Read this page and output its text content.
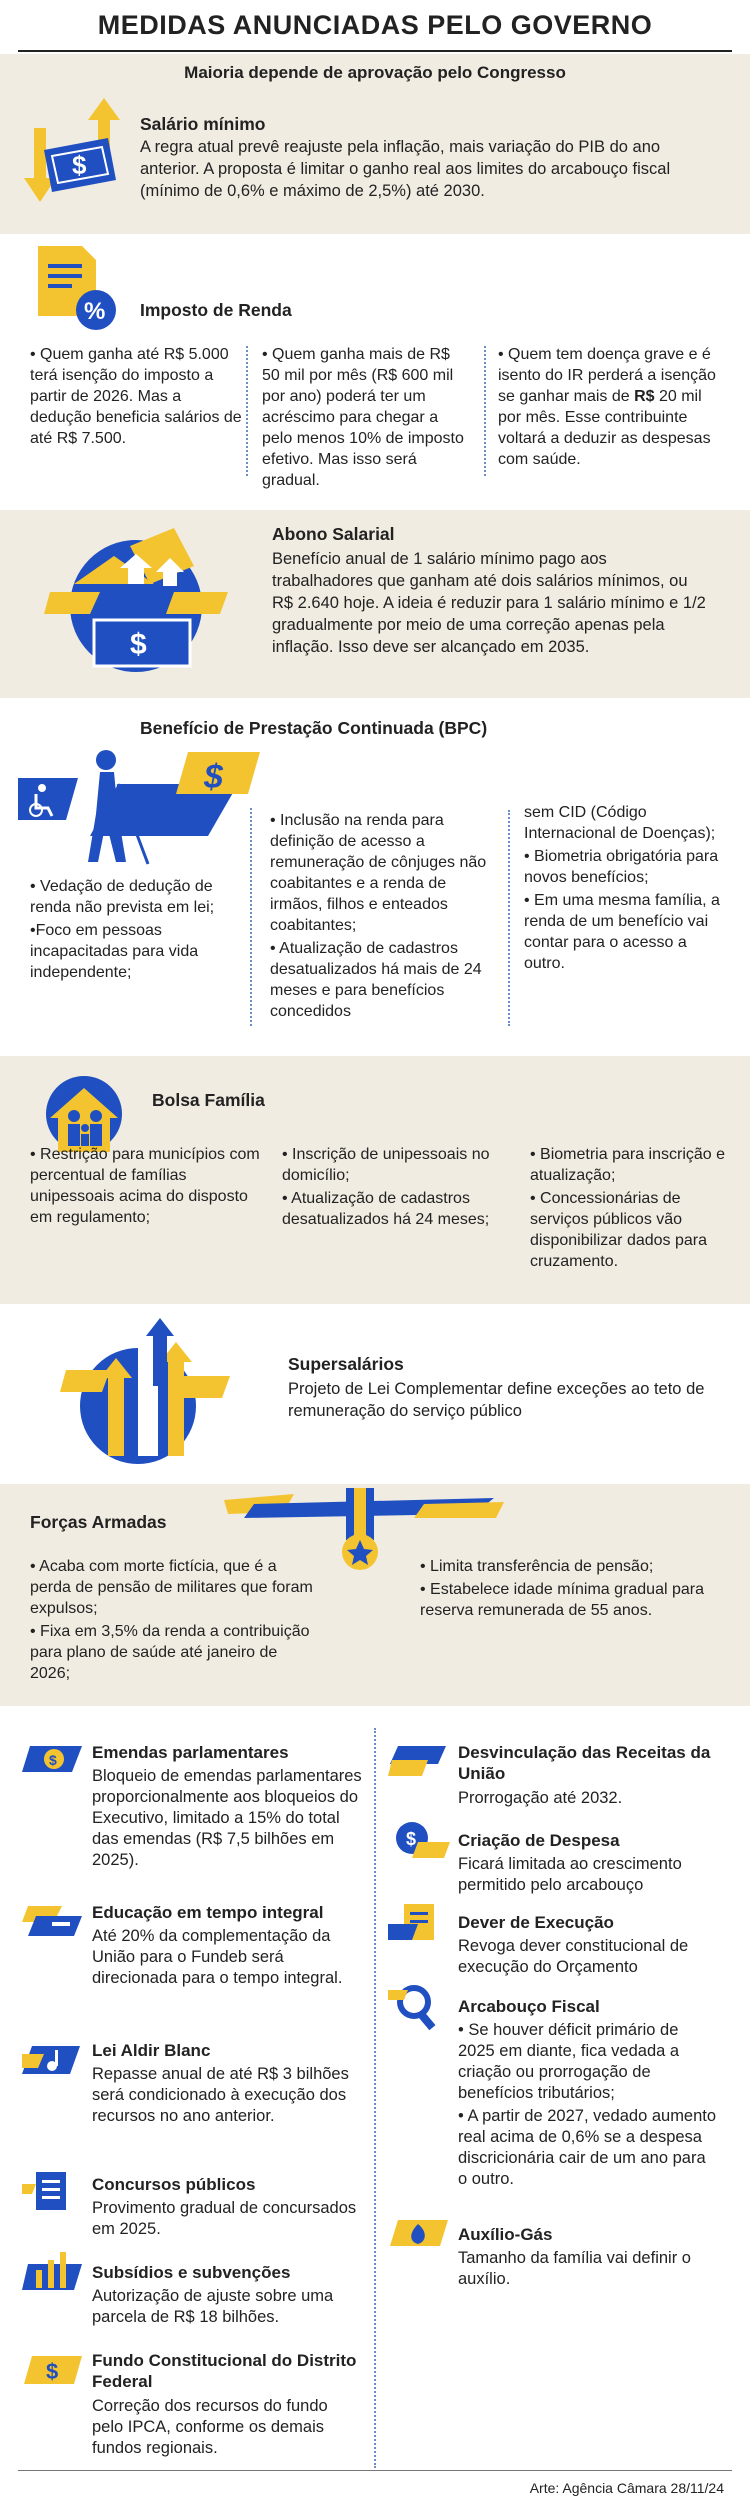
MEDIDAS ANUNCIADAS PELO GOVERNO
Maioria depende de aprovação pelo Congresso
$
Salário mínimo
A regra atual prevê reajuste pela inflação, mais variação do PIB do ano anterior. A proposta é limitar o ganho real aos limites do arcabouço fiscal (mínimo de 0,6% e máximo de 2,5%) até 2030.
% Imposto de Renda
• Quem ganha até R$ 5.000 terá isenção do imposto a partir de 2026. Mas a dedução beneficia salários de até R$ 7.500.
• Quem ganha mais de R$ 50 mil por mês (R$ 600 mil por ano) poderá ter um acréscimo para chegar a pelo menos 10% de imposto efetivo. Mas isso será gradual.
• Quem tem doença grave e é isento do IR perderá a isenção se ganhar mais de R$ 20 mil por mês. Esse contribuinte voltará a deduzir as despesas com saúde.
$
Abono Salarial
Benefício anual de 1 salário mínimo pago aos trabalhadores que ganham até dois salários mínimos, ou R$ 2.640 hoje. A ideia é reduzir para 1 salário mínimo e 1/2 gradualmente por meio de uma correção apenas pela inflação. Isso deve ser alcançado em 2035.
Benefício de Prestação Continuada (BPC)
$

• Vedação de dedução de renda não prevista em lei;

•Foco em pessoas incapacitadas para vida independente;

• Inclusão na renda para definição de acesso a remuneração de cônjuges não coabitantes e a renda de irmãos, filhos e enteados coabitantes;

• Atualização de cadastros desatualizados há mais de 24 meses e para benefícios concedidos

sem CID (Código Internacional de Doenças);

• Biometria obrigatória para novos benefícios;

• Em uma mesma família, a renda de um benefício vai contar para o acesso a outro.

Bolsa Família
• Restrição para municípios com percentual de famílias unipessoais acima do disposto em regulamento;

• Inscrição de unipessoais no domicílio;

• Atualização de cadastros desatualizados há 24 meses;

• Biometria para inscrição e atualização;

• Concessionárias de serviços públicos vão disponibilizar dados para cruzamento.

Supersalários
Projeto de Lei Complementar define exceções ao teto de remuneração do serviço público
Forças Armadas

• Acaba com morte fictícia, que é a perda de pensão de militares que foram expulsos;

• Fixa em 3,5% da renda a contribuição para plano de saúde até janeiro de 2026;

• Limita transferência de pensão;

• Estabelece idade mínima gradual para reserva remunerada de 55 anos.

$ Emendas parlamentares
Bloqueio de emendas parlamentares proporcionalmente aos bloqueios do Executivo, limitado a 15% do total das emendas (R$ 7,5 bilhões em 2025).
Educação em tempo integral
Até 20% da complementação da União para o Fundeb será direcionada para o tempo integral.
Lei Aldir Blanc
Repasse anual de até R$ 3 bilhões será condicionado à execução dos recursos no ano anterior.
Concursos públicos
Provimento gradual de concursados em 2025.
Subsídios e subvenções
Autorização de ajuste sobre uma parcela de R$ 18 bilhões.
$ Fundo Constitucional do Distrito Federal
Correção dos recursos do fundo pelo IPCA, conforme os demais fundos regionais.
Desvinculação das Receitas da União
Prorrogação até 2032.
$ Criação de Despesa
Ficará limitada ao crescimento permitido pelo arcabouço
Dever de Execução
Revoga dever constitucional de execução do Orçamento
Arcabouço Fiscal
• Se houver déficit primário de 2025 em diante, fica vedada a criação ou prorrogação de benefícios tributários;
• A partir de 2027, vedado aumento real acima de 0,6% se a despesa discricionária cair de um ano para o outro.
Auxílio-Gás
Tamanho da família vai definir o auxílio.
Arte: Agência Câmara 28/11/24
